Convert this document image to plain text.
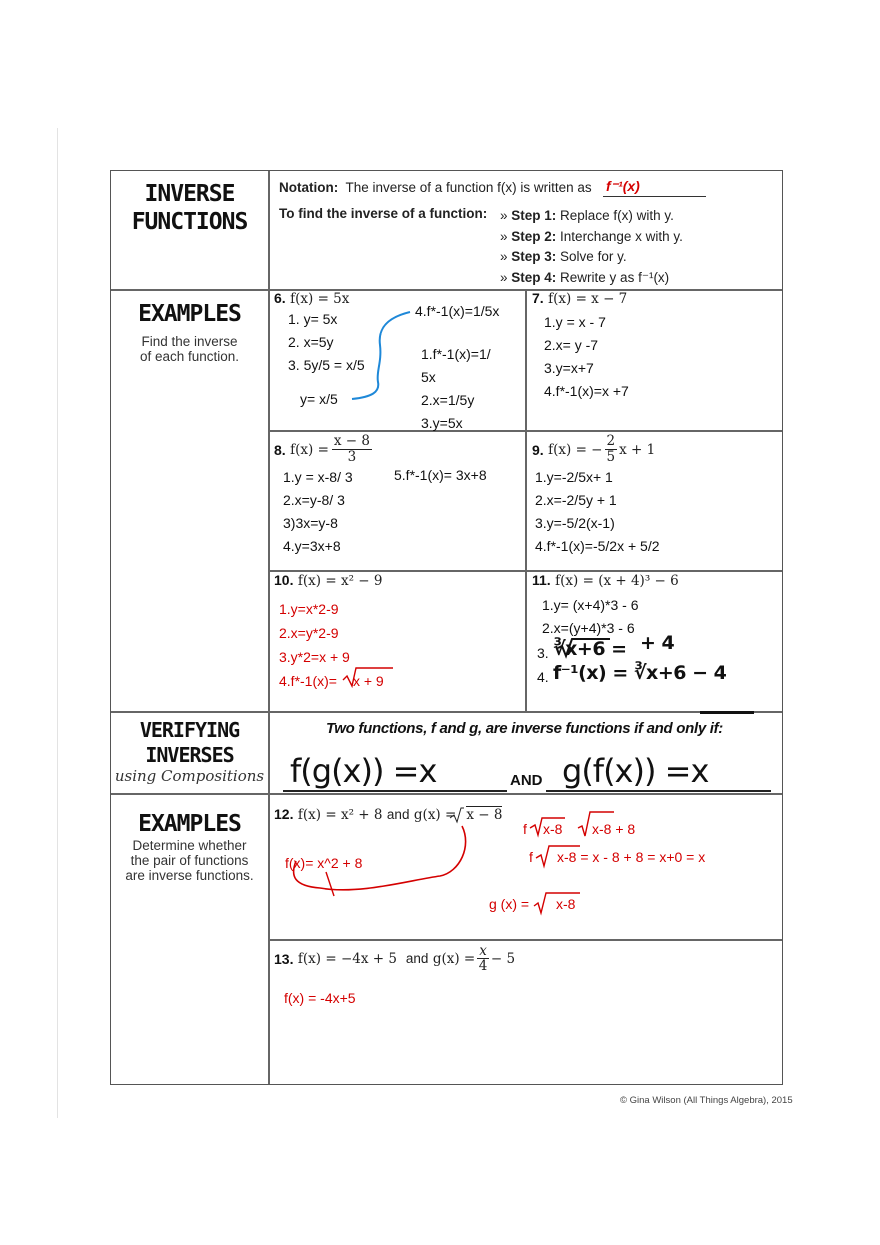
INVERSE
FUNCTIONS
Notation: The inverse of a function f(x) is written as f⁻¹(x)
To find the inverse of a function: » Step 1: Replace f(x) with y.
» Step 2: Interchange x with y.
» Step 3: Solve for y.
» Step 4: Rewrite y as f⁻¹(x)
EXAMPLES
Find the inverse
of each function.
6. f(x) = 5x
1. y= 5x
2. x=5y
3. 5y/5 = x/5
y= x/5
4.f*-1(x)=1/5x
1.f*-1(x)=1/
5x
2.x=1/5y
3.y=5x
7. f(x) = x − 7
1.y = x - 7
2.x= y -7
3.y=x+7
4.f*-1(x)=x +7
8.
$f(x) = \frac{x - 8}{3}$
1.y = x-8/ 3
2.x=y-8/ 3
3)3x=y-8
4.y=3x+8
5.f*-1(x)= 3x+8
9.
f(x) = − $\frac{2}{5}$ x + 1
1.y=-2/5x+ 1
2.x=-2/5y + 1
3.y=-5/2(x-1)
4.f*-1(x)=-5/2x + 5/2
10. f(x) = x² − 9
1.y=x*2-9
2.x=y*2-9
3.y*2=x + 9
4.f*-1(x)= x + 9
11. f(x) = (x + 4)³ − 6
1.y= (x+4)*3 - 6
2.x=(y+4)*3 - 6
3. ∛x+6 = + 4
4. f⁻¹(x) = ∛x+6 − 4
VERIFYING
INVERSES
using Compositions
Two functions, f and g, are inverse functions if and only if:
f(g(x)) =x	AND g(f(x)) =x
EXAMPLES
Determine whether
the pair of functions
are inverse functions.
12. f(x) = x² + 8 and g(x) = x − 8
f(x)= x^2 + 8
f x-8 x-8 + 8
f x-8 = x - 8 + 8 = x+0 = x
g (x) = x-8
13.
f(x) = −4x + 5
and
$g(x) = \frac{x}{4} - 5$
f(x) = -4x+5
© Gina Wilson (All Things Algebra), 2015
